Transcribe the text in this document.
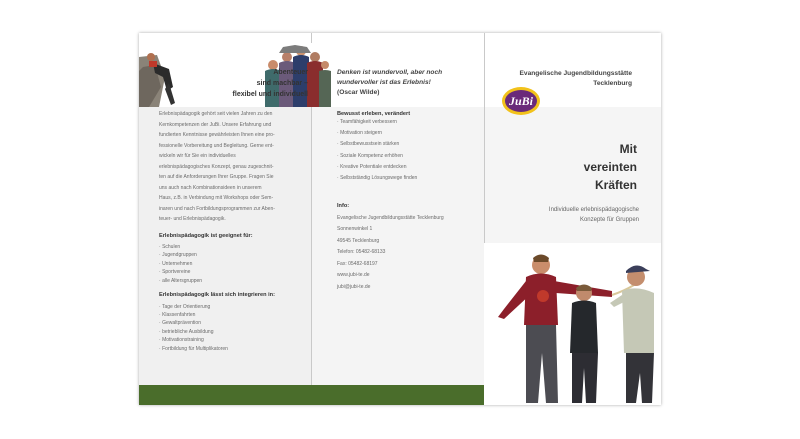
Abenteuer
sind machbar –
flexibel und individuell
Denken ist wundervoll, aber noch
wundervoller ist das Erlebnis!
(Oscar Wilde)
Evangelische Jugendbildungsstätte
Tecklenburg
JuBi
Erlebnispädagogik gehört seit vielen Jahren zu den
Kernkompetenzen der JuBi. Unsere Erfahrung und
fundierten Kenntnisse gewährleisten Ihnen eine pro-
fessionelle Vorbereitung und Begleitung. Gerne ent-
wickeln wir für Sie ein individuelles
erlebnispädagogisches Konzept, genau zugeschnit-
ten auf die Anforderungen Ihrer Gruppe. Fragen Sie
uns auch nach Kombinationsideen in unserem
Haus, z.B. in Verbindung mit Workshops oder Sem-
inaren und nach Fortbildungsprogrammen zur Aben-
teuer- und Erlebnispädagogik.
Erlebnispädagogik ist geeignet für:
· Schulen
· Jugendgruppen
· Unternehmen
· Sportvereine
· alle Altersgruppen
Erlebnispädagogik lässt sich integrieren in:
· Tage der Orientierung
· Klassenfahrten
· Gewaltprävention
· betriebliche Ausbildung
· Motivationstraining
· Fortbildung für Multiplikatoren
Bewusst erleben, verändert
· Teamfähigkeit verbessern
· Motivation steigern
· Selbstbewusstsein stärken
· Soziale Kompetenz erhöhen
· Kreative Potentiale entdecken
· Selbstständig Lösungswege finden
Info:
Evangelische Jugendbildungsstätte Tecklenburg
Sonnenwinkel 1
49545 Tecklenburg
Telefon: 05482-68133
Fax: 05482-68197
www.jubi-te.de
jubi@jubi-te.de
Mit
vereinten
Kräften
Individuelle erlebnispädagogische
Konzepte für Gruppen
